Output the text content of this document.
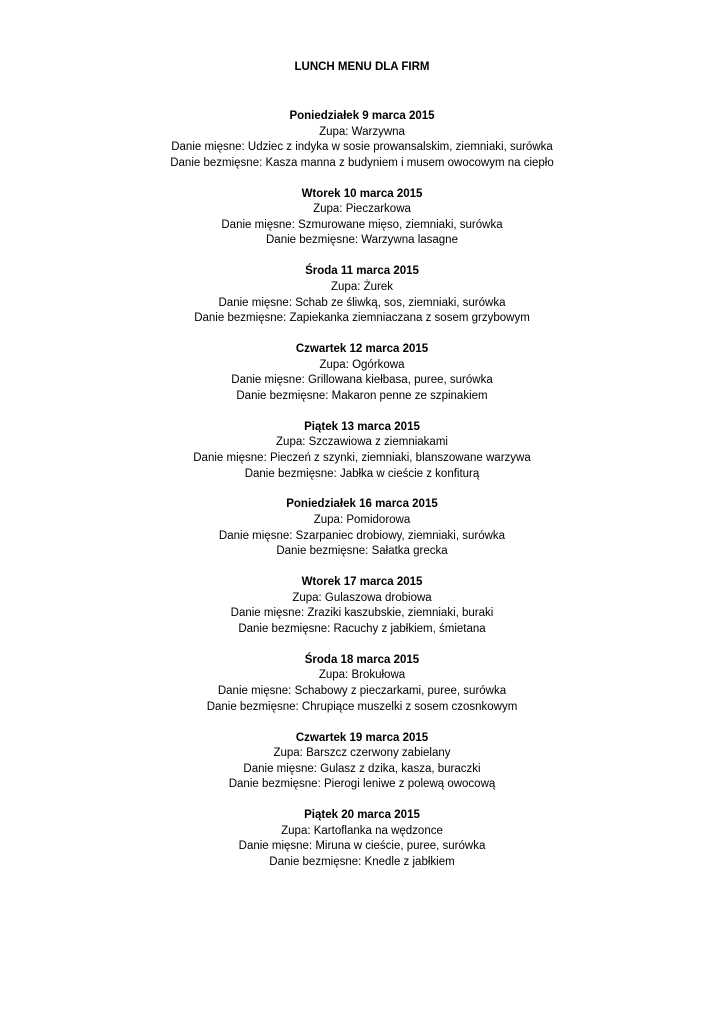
LUNCH MENU DLA FIRM
Poniedziałek 9 marca 2015
Zupa: Warzywna
Danie mięsne: Udziec z indyka w sosie prowansalskim, ziemniaki, surówka
Danie bezmięsne: Kasza manna z budyniem i musem owocowym na ciepło
Wtorek 10 marca 2015
Zupa: Pieczarkowa
Danie mięsne: Szmurowane mięso, ziemniaki, surówka
Danie bezmięsne: Warzywna lasagne
Środa 11 marca 2015
Zupa: Żurek
Danie mięsne: Schab ze śliwką, sos, ziemniaki, surówka
Danie bezmięsne: Zapiekanka ziemniaczana z sosem grzybowym
Czwartek 12 marca 2015
Zupa: Ogórkowa
Danie mięsne: Grillowana kiełbasa, puree, surówka
Danie bezmięsne: Makaron penne ze szpinakiem
Piątek 13 marca 2015
Zupa: Szczawiowa z ziemniakami
Danie mięsne: Pieczeń z szynki, ziemniaki, blanszowane warzywa
Danie bezmięsne: Jabłka w cieście z konfiturą
Poniedziałek 16 marca 2015
Zupa: Pomidorowa
Danie mięsne: Szarpaniec drobiowy, ziemniaki, surówka
Danie bezmięsne: Sałatka grecka
Wtorek 17 marca 2015
Zupa: Gulaszowa drobiowa
Danie mięsne: Zraziki kaszubskie, ziemniaki, buraki
Danie bezmięsne: Racuchy z jabłkiem, śmietana
Środa 18 marca 2015
Zupa: Brokułowa
Danie mięsne: Schabowy z pieczarkami, puree, surówka
Danie bezmięsne: Chrupiące muszelki z sosem czosnkowym
Czwartek 19 marca 2015
Zupa: Barszcz czerwony zabielany
Danie mięsne: Gulasz z dzika, kasza, buraczki
Danie bezmięsne: Pierogi leniwe z polewą owocową
Piątek 20 marca 2015
Zupa: Kartoflanka na wędzonce
Danie mięsne: Miruna w cieście, puree, surówka
Danie bezmięsne: Knedle z jabłkiem
